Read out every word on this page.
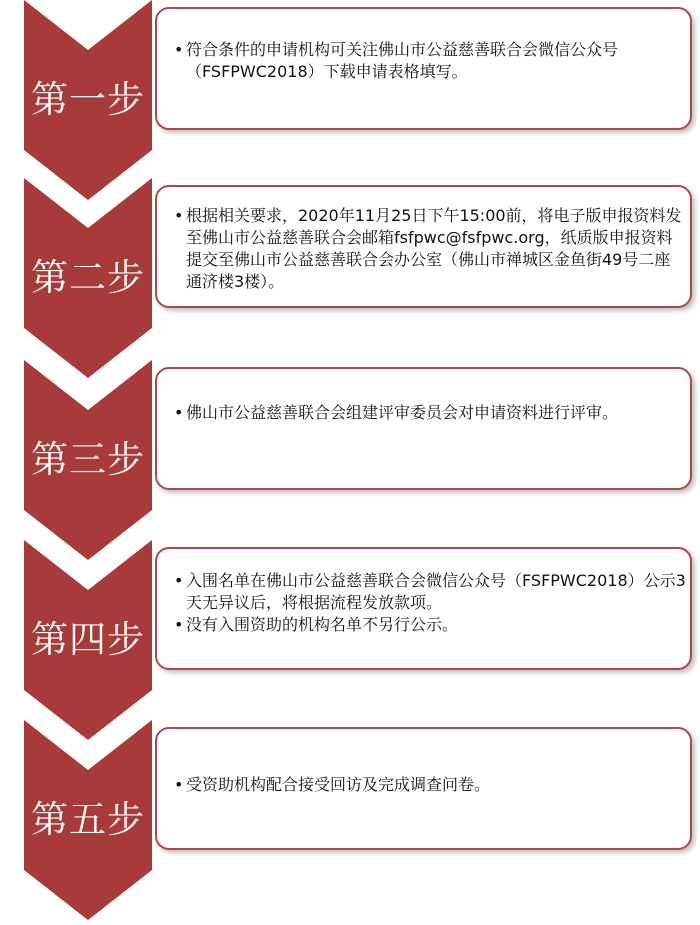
第一步
• 符合条件的申请机构可关注佛山市公益慈善联合会微信公众号（FSFPWC2018）下载申请表格填写。
第二步
• 根据相关要求，2020年11月25日下午15:00前，将电子版申报资料发至佛山市公益慈善联合会邮箱fsfpwc@fsfpwc.org，纸质版申报资料提交至佛山市公益慈善联合会办公室（佛山市禅城区金鱼街49号二座通济楼3楼）。
第三步
• 佛山市公益慈善联合会组建评审委员会对申请资料进行评审。
第四步
• 入围名单在佛山市公益慈善联合会微信公众号（FSFPWC2018）公示3天无异议后，将根据流程发放款项。
• 没有入围资助的机构名单不另行公示。
第五步
• 受资助机构配合接受回访及完成调查问卷。
